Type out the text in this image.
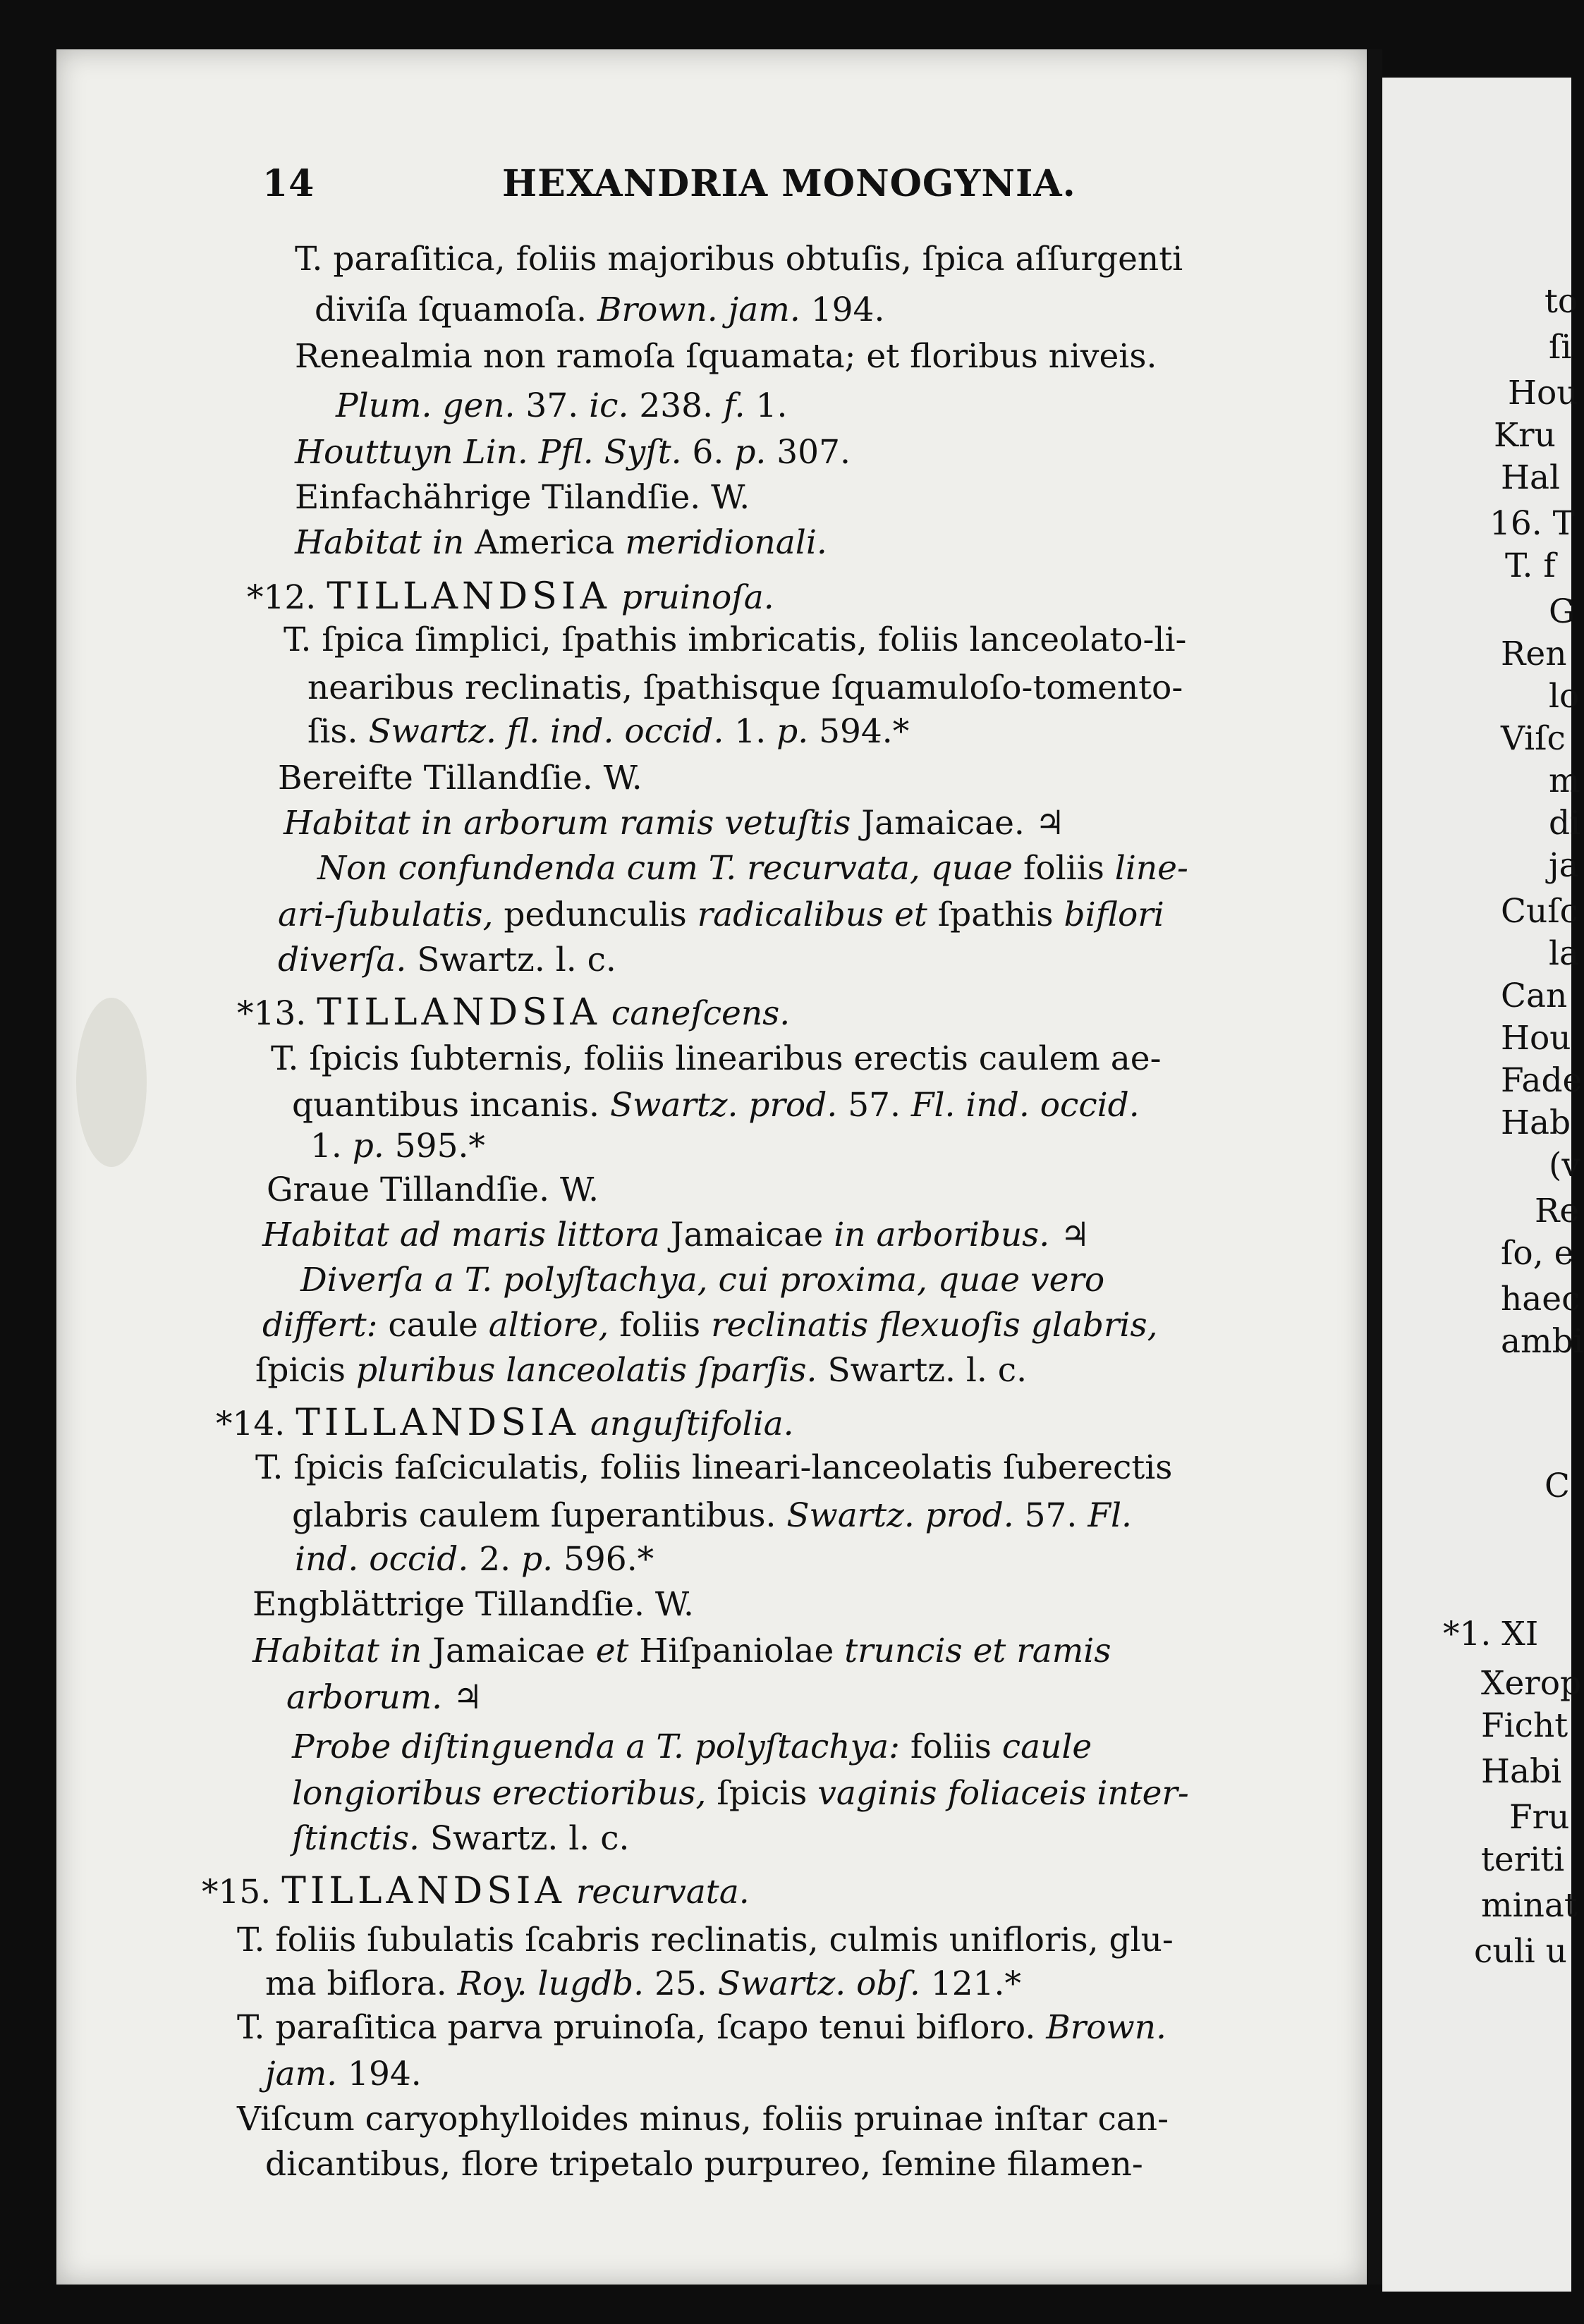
14	HEXANDRIA MONOGYNIA.
T. paraſitica, foliis majoribus obtuſis, ſpica aſſurgenti
diviſa ſquamoſa. Brown. jam. 194.
Renealmia non ramoſa ſquamata; et floribus niveis.
Plum. gen. 37. ic. 238. f. 1.
Houttuyn Lin. Pfl. Syſt. 6. p. 307.
Einfachährige Tilandſie. W.
Habitat in America meridionali.
*12. TILLANDSIA pruinoſa.
T. ſpica ſimplici, ſpathis imbricatis, foliis lanceolato-li-
nearibus reclinatis, ſpathisque ſquamuloſo-tomento-
ſis. Swartz. fl. ind. occid. 1. p. 594.*
Bereifte Tillandſie. W.
Habitat in arborum ramis vetuſtis Jamaicae. ♃
Non confundenda cum T. recurvata, quae foliis line-
ari-ſubulatis, pedunculis radicalibus et ſpathis biflori
diverſa. Swartz. l. c.
*13. TILLANDSIA caneſcens.
T. ſpicis ſubternis, foliis linearibus erectis caulem ae-
quantibus incanis. Swartz. prod. 57. Fl. ind. occid.
1. p. 595.*
Graue Tillandſie. W.
Habitat ad maris littora Jamaicae in arboribus. ♃
Diverſa a T. polyſtachya, cui proxima, quae vero
differt: caule altiore, foliis reclinatis flexuoſis glabris,
ſpicis pluribus lanceolatis ſparſis. Swartz. l. c.
*14. TILLANDSIA anguſtifolia.
T. ſpicis faſciculatis, foliis lineari-lanceolatis ſuberectis
glabris caulem ſuperantibus. Swartz. prod. 57. Fl.
ind. occid. 2. p. 596.*
Engblättrige Tillandſie. W.
Habitat in Jamaicae et Hiſpaniolae truncis et ramis
arborum. ♃
Probe diſtinguenda a T. polyſtachya: foliis caule
longioribus erectioribus, ſpicis vaginis foliaceis inter-
ſtinctis. Swartz. l. c.
*15. TILLANDSIA recurvata.
T. foliis ſubulatis ſcabris reclinatis, culmis unifloris, glu-
ma biflora. Roy. lugdb. 25. Swartz. obſ. 121.*
T. paraſitica parva pruinoſa, ſcapo tenui bifloro. Brown.
jam. 194.
Viſcum caryophylloides minus, foliis pruinae inſtar can-
dicantibus, flore tripetalo purpureo, ſemine filamen-
to
ſi
Hou
Kru
Hal
16. T
T. f
G
Ren
lo
Viſc
m
di
ja
Cuſc
la
Can
Hou
Fade
Hab
(v
Re
ſo, e
haec
ambi
C
*1. XI
Xerop
Ficht
Habi
Fru
teriti
minat
culi u
